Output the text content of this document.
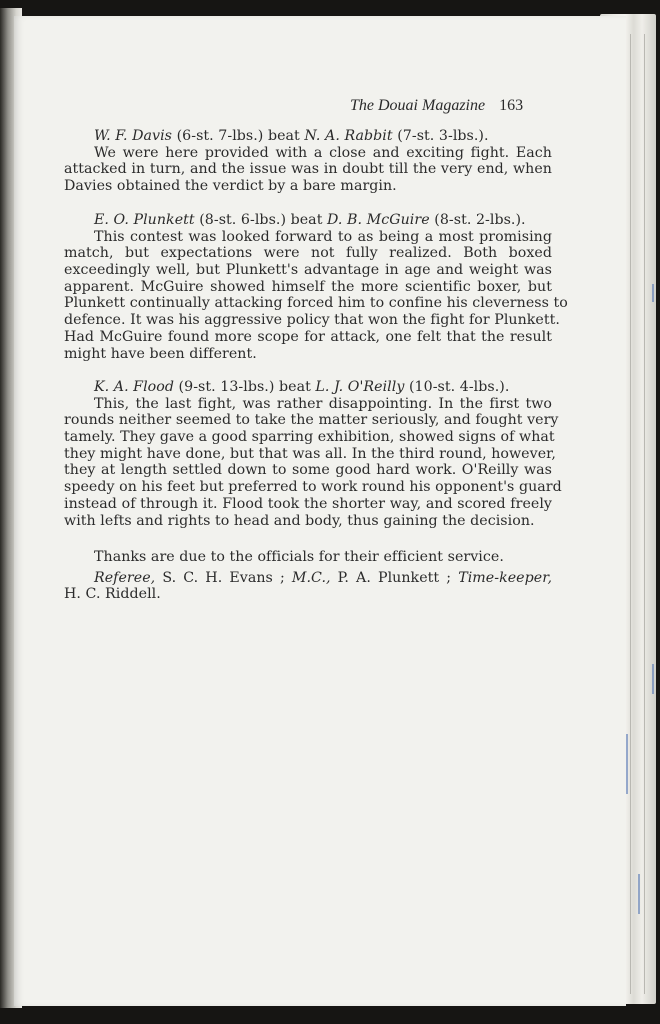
The Douai Magazine 163
W. F. Davis (6-st. 7-lbs.) beat N. A. Rabbit (7-st. 3-lbs.).
We were here provided with a close and exciting fight. Each
attacked in turn, and the issue was in doubt till the very end, when
Davies obtained the verdict by a bare margin.
E. O. Plunkett (8-st. 6-lbs.) beat D. B. McGuire (8-st. 2-lbs.).
This contest was looked forward to as being a most promising
match, but expectations were not fully realized. Both boxed
exceedingly well, but Plunkett's advantage in age and weight was
apparent. McGuire showed himself the more scientific boxer, but
Plunkett continually attacking forced him to confine his cleverness to
defence. It was his aggressive policy that won the fight for Plunkett.
Had McGuire found more scope for attack, one felt that the result
might have been different.
K. A. Flood (9-st. 13-lbs.) beat L. J. O'Reilly (10-st. 4-lbs.).
This, the last fight, was rather disappointing. In the first two
rounds neither seemed to take the matter seriously, and fought very
tamely. They gave a good sparring exhibition, showed signs of what
they might have done, but that was all. In the third round, however,
they at length settled down to some good hard work. O'Reilly was
speedy on his feet but preferred to work round his opponent's guard
instead of through it. Flood took the shorter way, and scored freely
with lefts and rights to head and body, thus gaining the decision.
Thanks are due to the officials for their efficient service.
Referee, S. C. H. Evans ; M.C., P. A. Plunkett ; Time-keeper,
H. C. Riddell.
